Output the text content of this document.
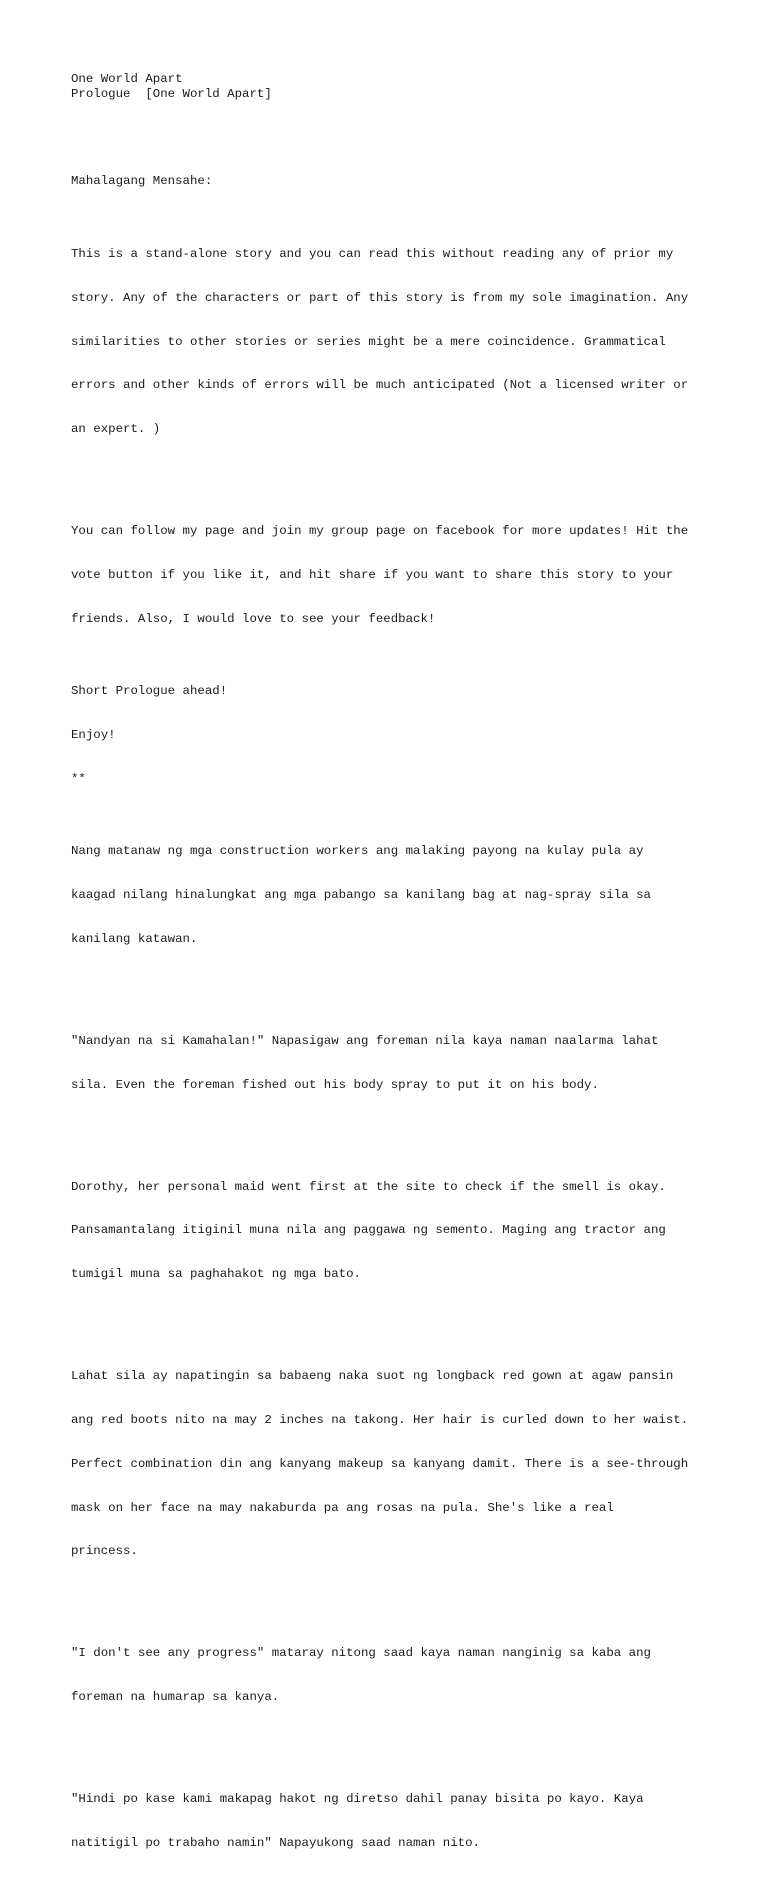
One World Apart
Prologue  [One World Apart]
Mahalagang Mensahe:

This is a stand-alone story and you can read this without reading any of prior my

story. Any of the characters or part of this story is from my sole imagination. Any

similarities to other stories or series might be a mere coincidence. Grammatical

errors and other kinds of errors will be much anticipated (Not a licensed writer or

an expert. )

You can follow my page and join my group page on facebook for more updates! Hit the

vote button if you like it, and hit share if you want to share this story to your

friends. Also, I would love to see your feedback!

Short Prologue ahead!
Enjoy!
**

Nang matanaw ng mga construction workers ang malaking payong na kulay pula ay

kaagad nilang hinalungkat ang mga pabango sa kanilang bag at nag-spray sila sa

kanilang katawan.

"Nandyan na si Kamahalan!" Napasigaw ang foreman nila kaya naman naalarma lahat

sila. Even the foreman fished out his body spray to put it on his body.

Dorothy, her personal maid went first at the site to check if the smell is okay.

Pansamantalang itiginil muna nila ang paggawa ng semento. Maging ang tractor ang

tumigil muna sa paghahakot ng mga bato.

Lahat sila ay napatingin sa babaeng naka suot ng longback red gown at agaw pansin

ang red boots nito na may 2 inches na takong. Her hair is curled down to her waist.

Perfect combination din ang kanyang makeup sa kanyang damit. There is a see-through

mask on her face na may nakaburda pa ang rosas na pula. She's like a real

princess.

"I don't see any progress" mataray nitong saad kaya naman nanginig sa kaba ang

foreman na humarap sa kanya.

"Hindi po kase kami makapag hakot ng diretso dahil panay bisita po kayo. Kaya

natitigil po trabaho namin" Napayukong saad naman nito.
